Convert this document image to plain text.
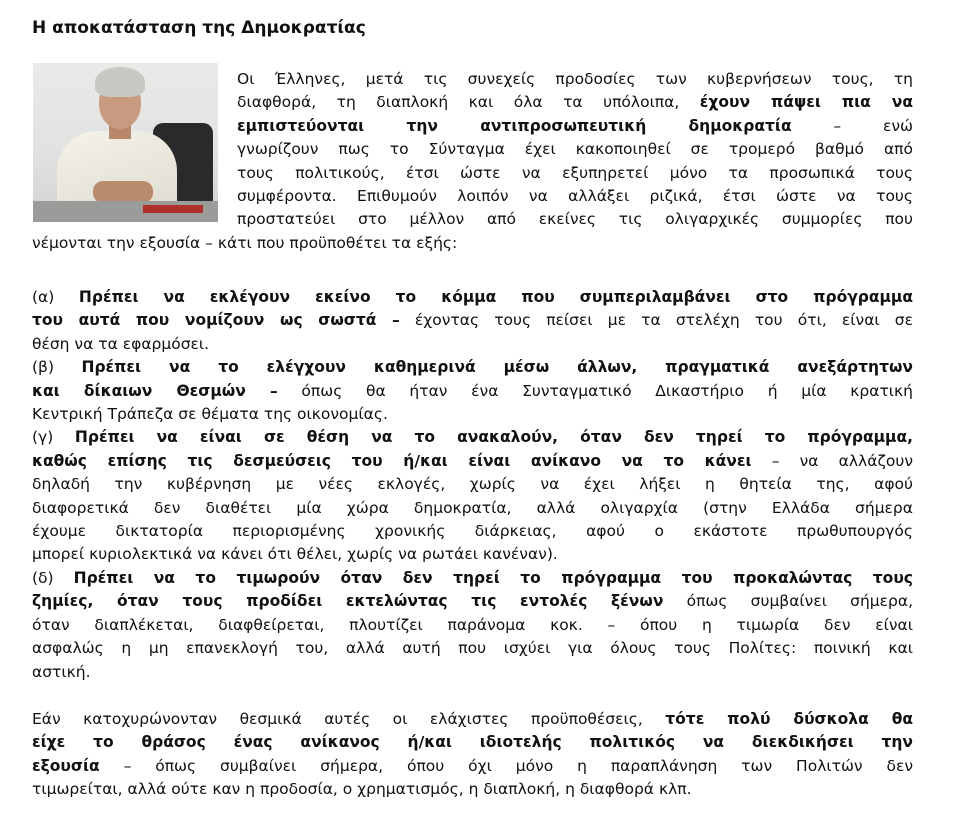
Η αποκατάσταση της Δημοκρατίας
Οι Έλληνες, μετά τις συνεχείς προδοσίες των κυβερνήσεων τους, τη
διαφθορά, τη διαπλοκή και όλα τα υπόλοιπα, έχουν πάψει πια να
εμπιστεύονται την αντιπροσωπευτική δημοκρατία – ενώ
γνωρίζουν πως το Σύνταγμα έχει κακοποιηθεί σε τρομερό βαθμό από
τους πολιτικούς, έτσι ώστε να εξυπηρετεί μόνο τα προσωπικά τους
συμφέροντα. Επιθυμούν λοιπόν να αλλάξει ριζικά, έτσι ώστε να τους
προστατεύει στο μέλλον από εκείνες τις ολιγαρχικές συμμορίες που
νέμονται την εξουσία – κάτι που προϋποθέτει τα εξής:
(α) Πρέπει να εκλέγουν εκείνο το κόμμα που συμπεριλαμβάνει στο πρόγραμμα
του αυτά που νομίζουν ως σωστά – έχοντας τους πείσει με τα στελέχη του ότι, είναι σε
θέση να τα εφαρμόσει.
(β) Πρέπει να το ελέγχουν καθημερινά μέσω άλλων, πραγματικά ανεξάρτητων
και δίκαιων Θεσμών – όπως θα ήταν ένα Συνταγματικό Δικαστήριο ή μία κρατική
Κεντρική Τράπεζα σε θέματα της οικονομίας.
(γ) Πρέπει να είναι σε θέση να το ανακαλούν, όταν δεν τηρεί το πρόγραμμα,
καθώς επίσης τις δεσμεύσεις του ή/και είναι ανίκανο να το κάνει – να αλλάζουν
δηλαδή την κυβέρνηση με νέες εκλογές, χωρίς να έχει λήξει η θητεία της, αφού
διαφορετικά δεν διαθέτει μία χώρα δημοκρατία, αλλά ολιγαρχία (στην Ελλάδα σήμερα
έχουμε δικτατορία περιορισμένης χρονικής διάρκειας, αφού ο εκάστοτε πρωθυπουργός
μπορεί κυριολεκτικά να κάνει ότι θέλει, χωρίς να ρωτάει κανέναν).
(δ) Πρέπει να το τιμωρούν όταν δεν τηρεί το πρόγραμμα του προκαλώντας τους
ζημίες, όταν τους προδίδει εκτελώντας τις εντολές ξένων όπως συμβαίνει σήμερα,
όταν διαπλέκεται, διαφθείρεται, πλουτίζει παράνομα κοκ. – όπου η τιμωρία δεν είναι
ασφαλώς η μη επανεκλογή του, αλλά αυτή που ισχύει για όλους τους Πολίτες: ποινική και
αστική.
Εάν κατοχυρώνονταν θεσμικά αυτές οι ελάχιστες προϋποθέσεις, τότε πολύ δύσκολα θα
είχε το θράσος ένας ανίκανος ή/και ιδιοτελής πολιτικός να διεκδικήσει την
εξουσία – όπως συμβαίνει σήμερα, όπου όχι μόνο η παραπλάνηση των Πολιτών δεν
τιμωρείται, αλλά ούτε καν η προδοσία, ο χρηματισμός, η διαπλοκή, η διαφθορά κλπ.
